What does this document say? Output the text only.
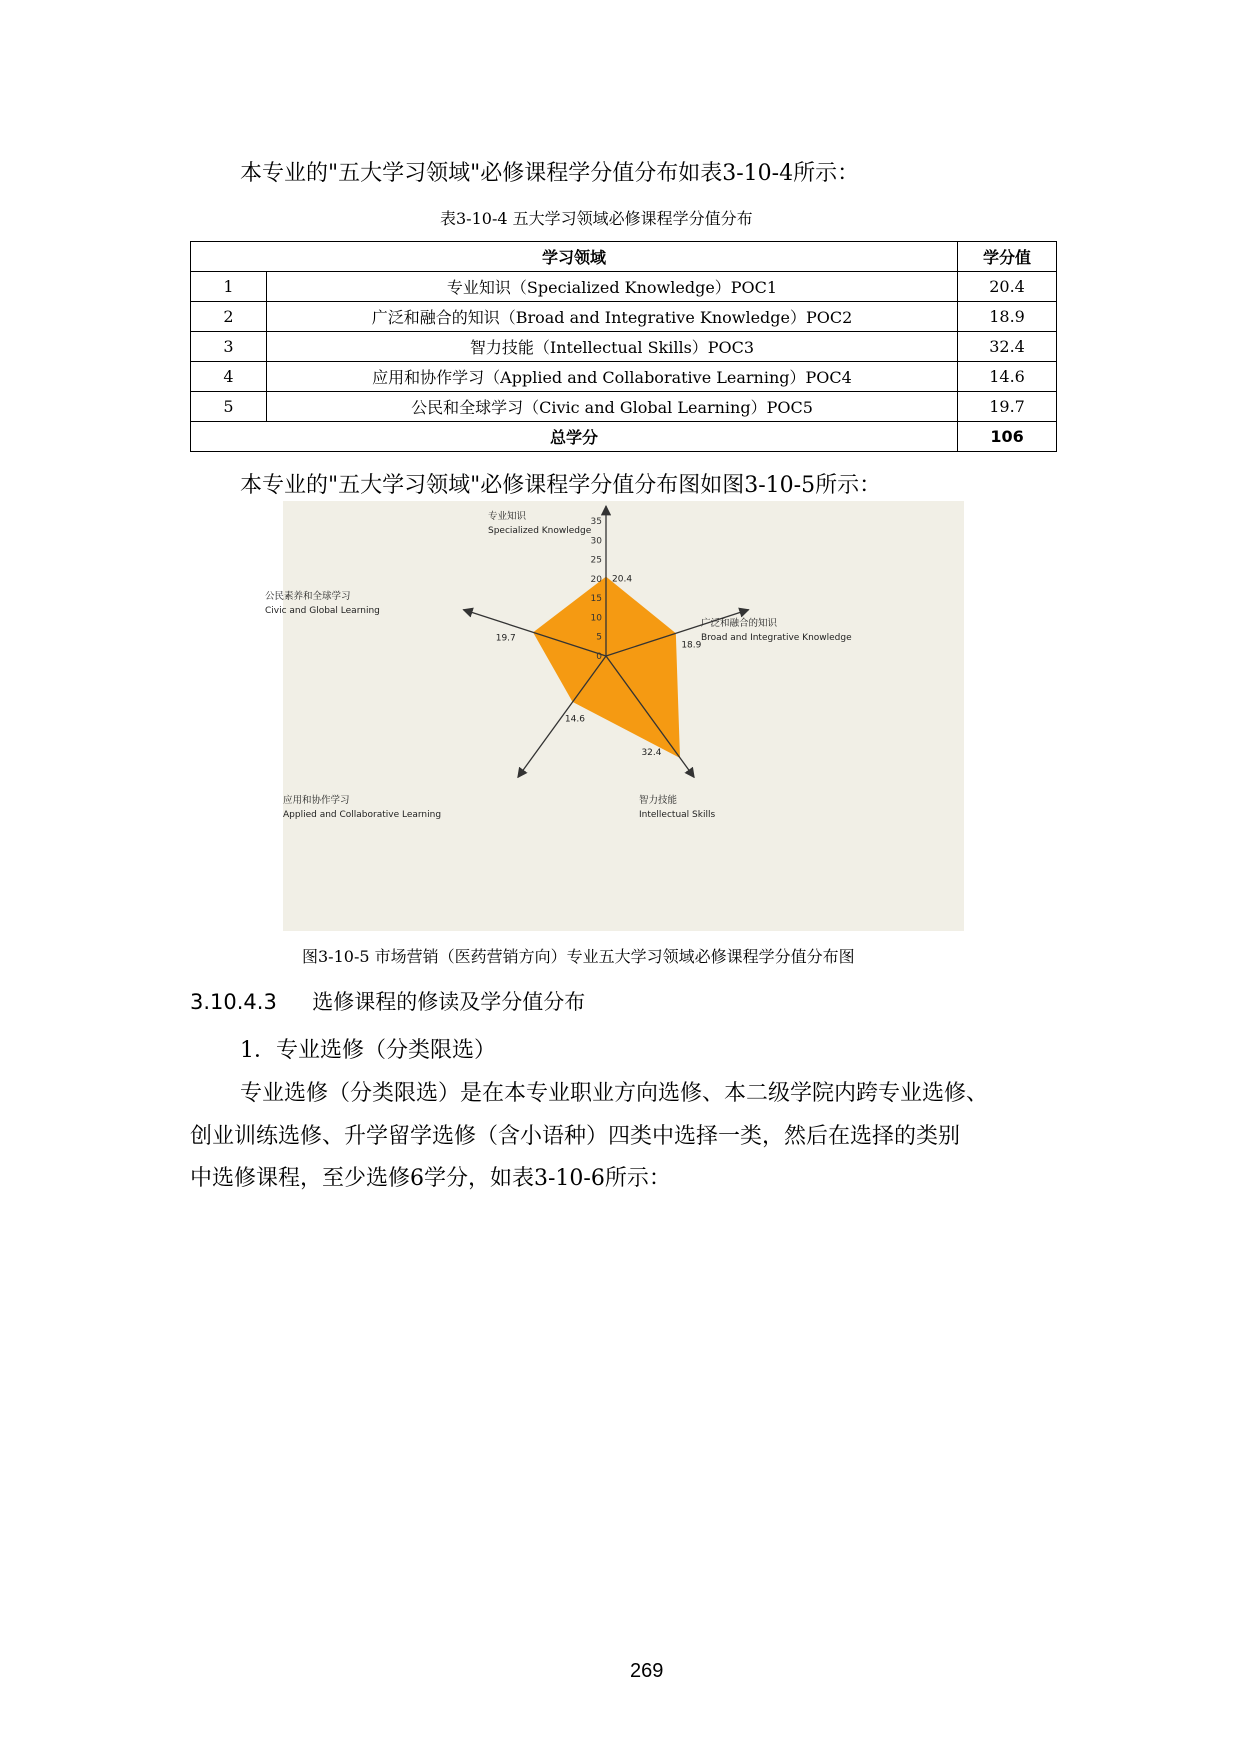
本专业的"五大学习领域"必修课程学分值分布如表3-10-4所示：
表3-10-4 五大学习领域必修课程学分值分布
学习领域		学分值
1	专业知识（Specialized Knowledge）POC1	20.4
2	广泛和融合的知识（Broad and Integrative Knowledge）POC2	18.9
3	智力技能（Intellectual Skills）POC3	32.4
4	应用和协作学习（Applied and Collaborative Learning）POC4	14.6
5	公民和全球学习（Civic and Global Learning）POC5	19.7
总学分		106
本专业的"五大学习领域"必修课程学分值分布图如图3-10-5所示：
0
5
10
15
20
25
30
35
专业知识
Specialized Knowledge
20.4
广泛和融合的知识
Broad and Integrative Knowledge
18.9
智力技能
Intellectual Skills
32.4
应用和协作学习
Applied and Collaborative Learning
14.6
公民素养和全球学习
Civic and Global Learning
19.7
图3-10-5 市场营销（医药营销方向）专业五大学习领域必修课程学分值分布图
3.10.4.3 选修课程的修读及学分值分布
1．专业选修（分类限选）
专业选修（分类限选）是在本专业职业方向选修、本二级学院内跨专业选修、
创业训练选修、升学留学选修（含小语种）四类中选择一类，然后在选择的类别
中选修课程，至少选修6学分，如表3-10-6所示：
269
